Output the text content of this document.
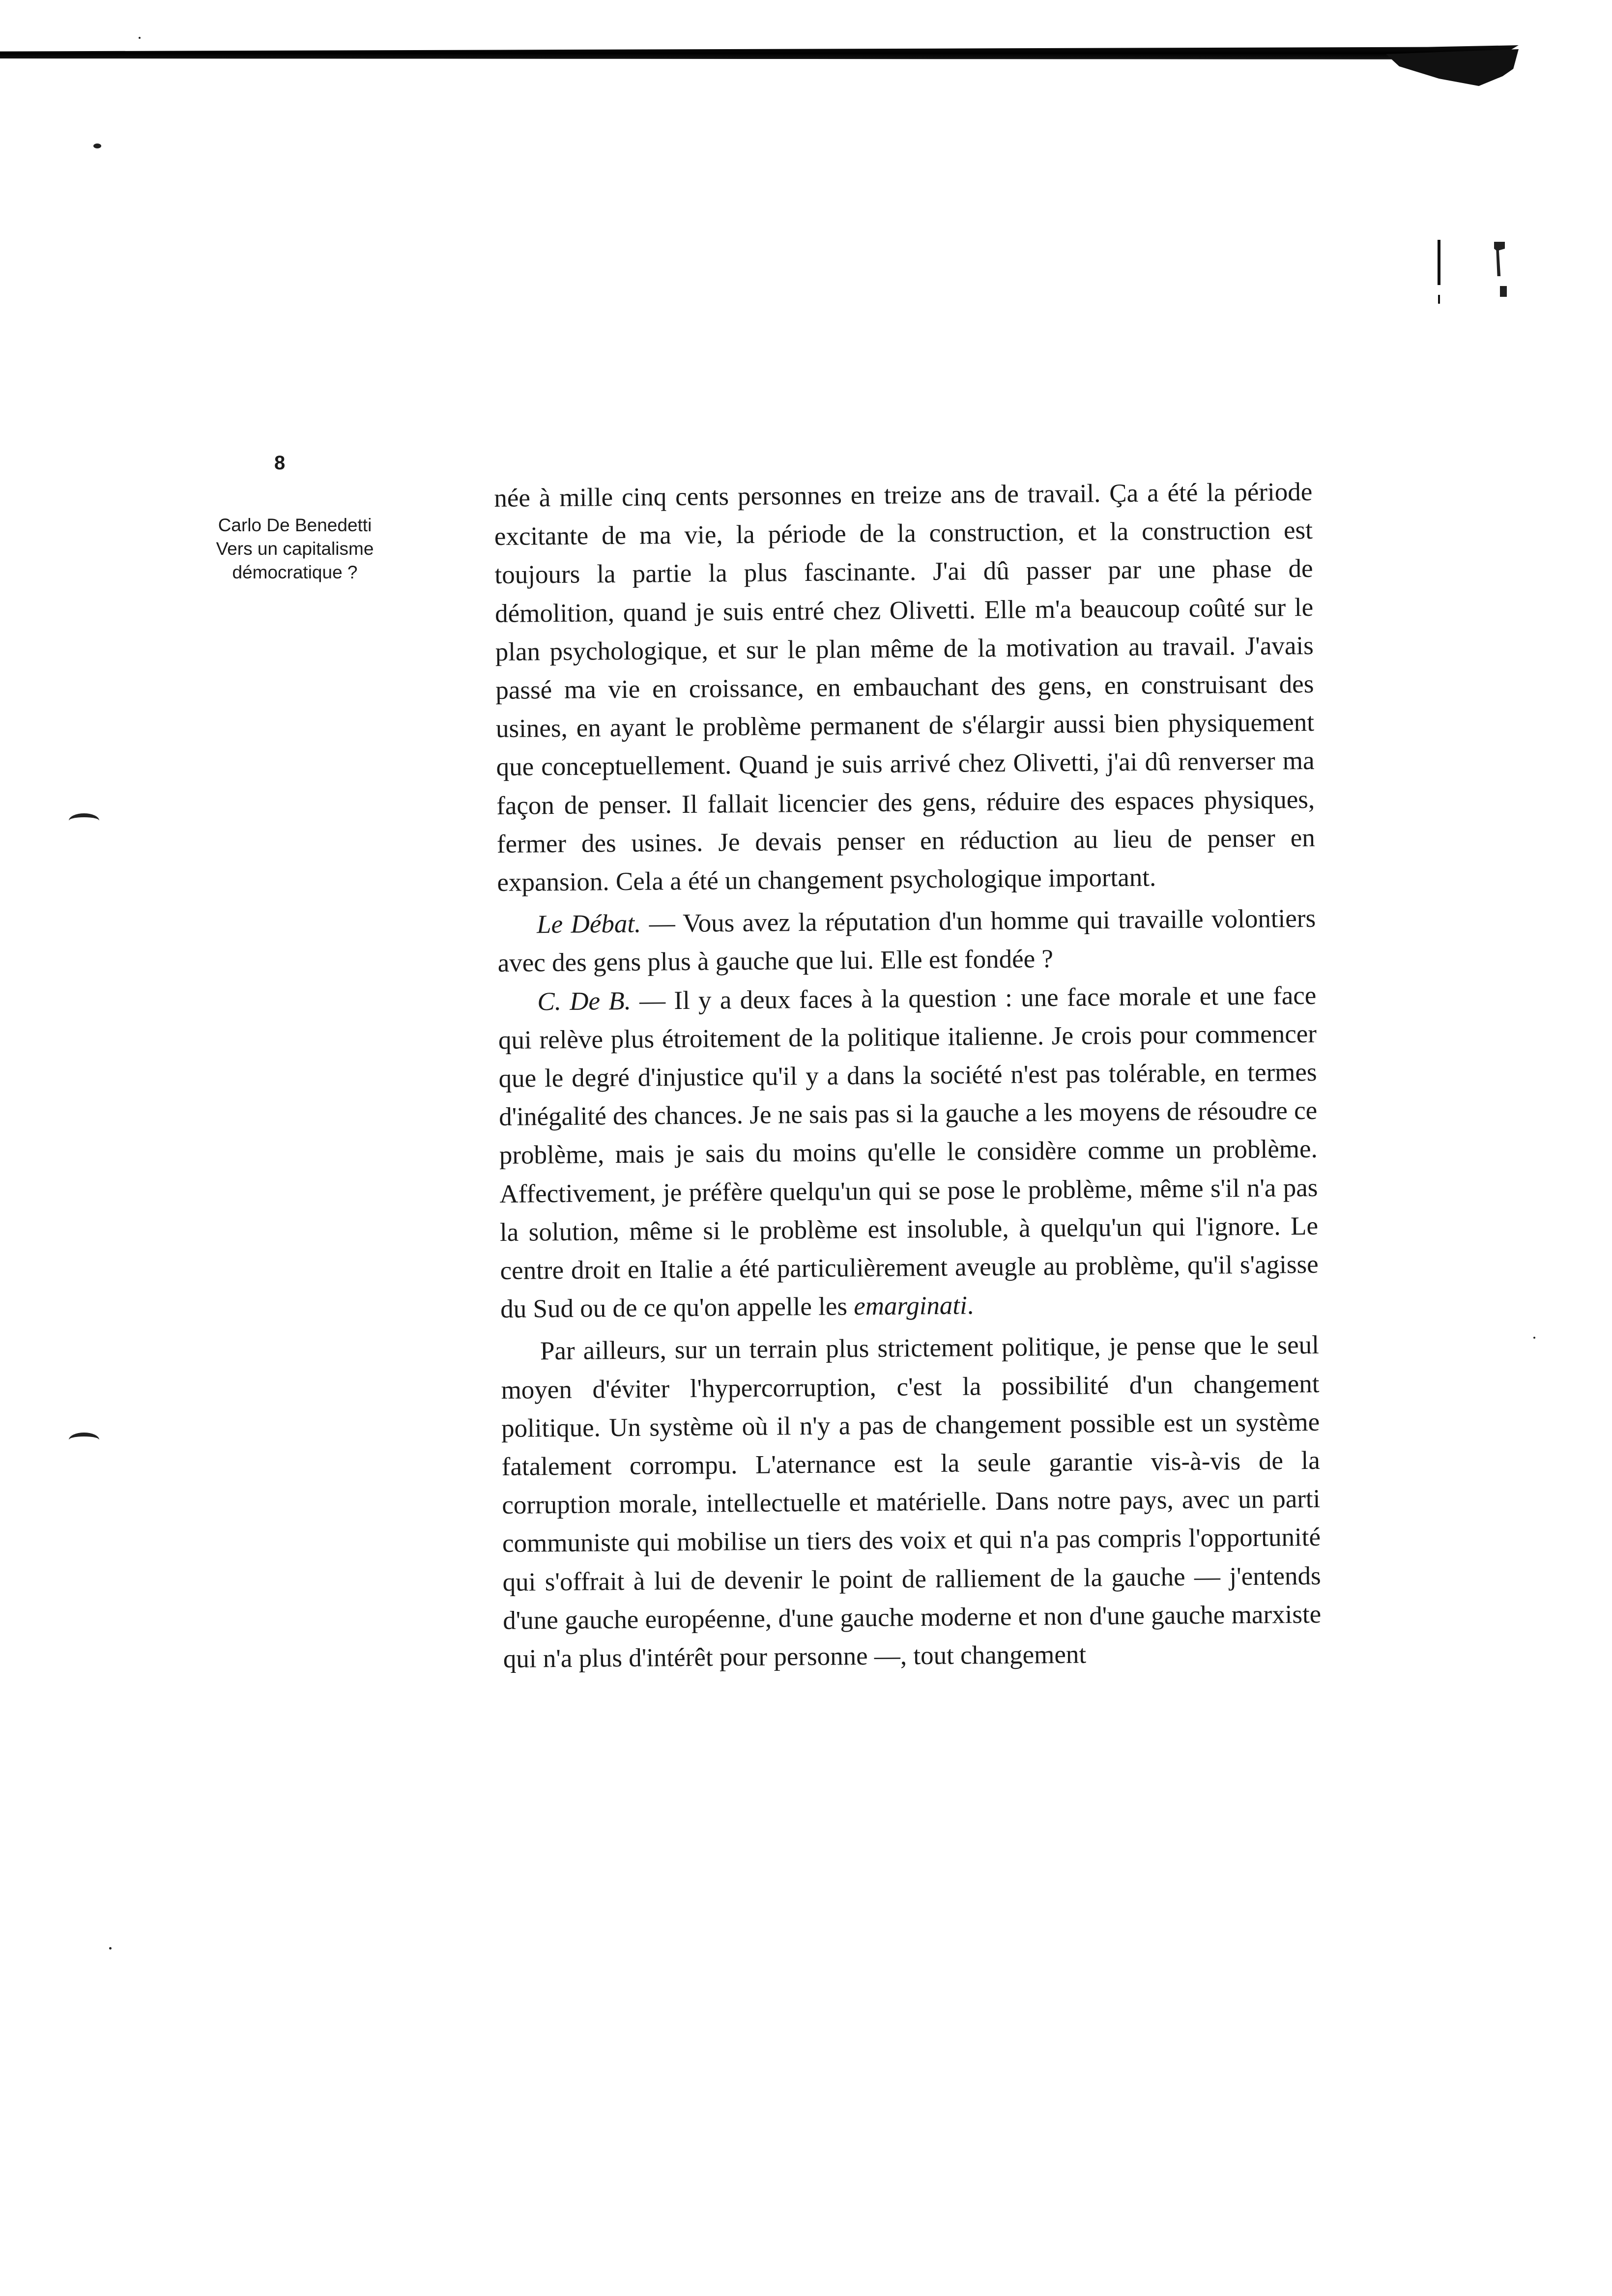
8
Carlo De Benedetti
Vers un capitalisme
démocratique ?

née à mille cinq cents personnes en treize ans de travail. Ça a été la période excitante de ma vie, la période de la construction, et la construction est toujours la partie la plus fascinante. J'ai dû passer par une phase de démolition, quand je suis entré chez Olivetti. Elle m'a beaucoup coûté sur le plan psychologique, et sur le plan même de la motivation au travail. J'avais passé ma vie en croissance, en embauchant des gens, en construisant des usines, en ayant le problème permanent de s'élargir aussi bien physiquement que conceptuellement. Quand je suis arrivé chez Olivetti, j'ai dû renverser ma façon de penser. Il fallait licencier des gens, réduire des espaces physiques, fermer des usines. Je devais penser en réduction au lieu de penser en expansion. Cela a été un changement psychologique important.

Le Débat. — Vous avez la réputation d'un homme qui travaille volontiers avec des gens plus à gauche que lui. Elle est fondée ?

C. De B. — Il y a deux faces à la question : une face morale et une face qui relève plus étroitement de la politique italienne. Je crois pour commencer que le degré d'injustice qu'il y a dans la société n'est pas tolérable, en termes d'inégalité des chances. Je ne sais pas si la gauche a les moyens de résoudre ce problème, mais je sais du moins qu'elle le considère comme un problème. Affectivement, je préfère quelqu'un qui se pose le problème, même s'il n'a pas la solution, même si le problème est insoluble, à quelqu'un qui l'ignore. Le centre droit en Italie a été particulièrement aveugle au problème, qu'il s'agisse du Sud ou de ce qu'on appelle les emarginati.

Par ailleurs, sur un terrain plus strictement politique, je pense que le seul moyen d'éviter l'hypercorruption, c'est la possibilité d'un changement politique. Un système où il n'y a pas de changement possible est un système fatalement corrompu. L'aternance est la seule garantie vis-à-vis de la corruption morale, intellectuelle et matérielle. Dans notre pays, avec un parti communiste qui mobilise un tiers des voix et qui n'a pas compris l'opportunité qui s'offrait à lui de devenir le point de ralliement de la gauche — j'entends d'une gauche européenne, d'une gauche moderne et non d'une gauche marxiste qui n'a plus d'intérêt pour personne —, tout changement
